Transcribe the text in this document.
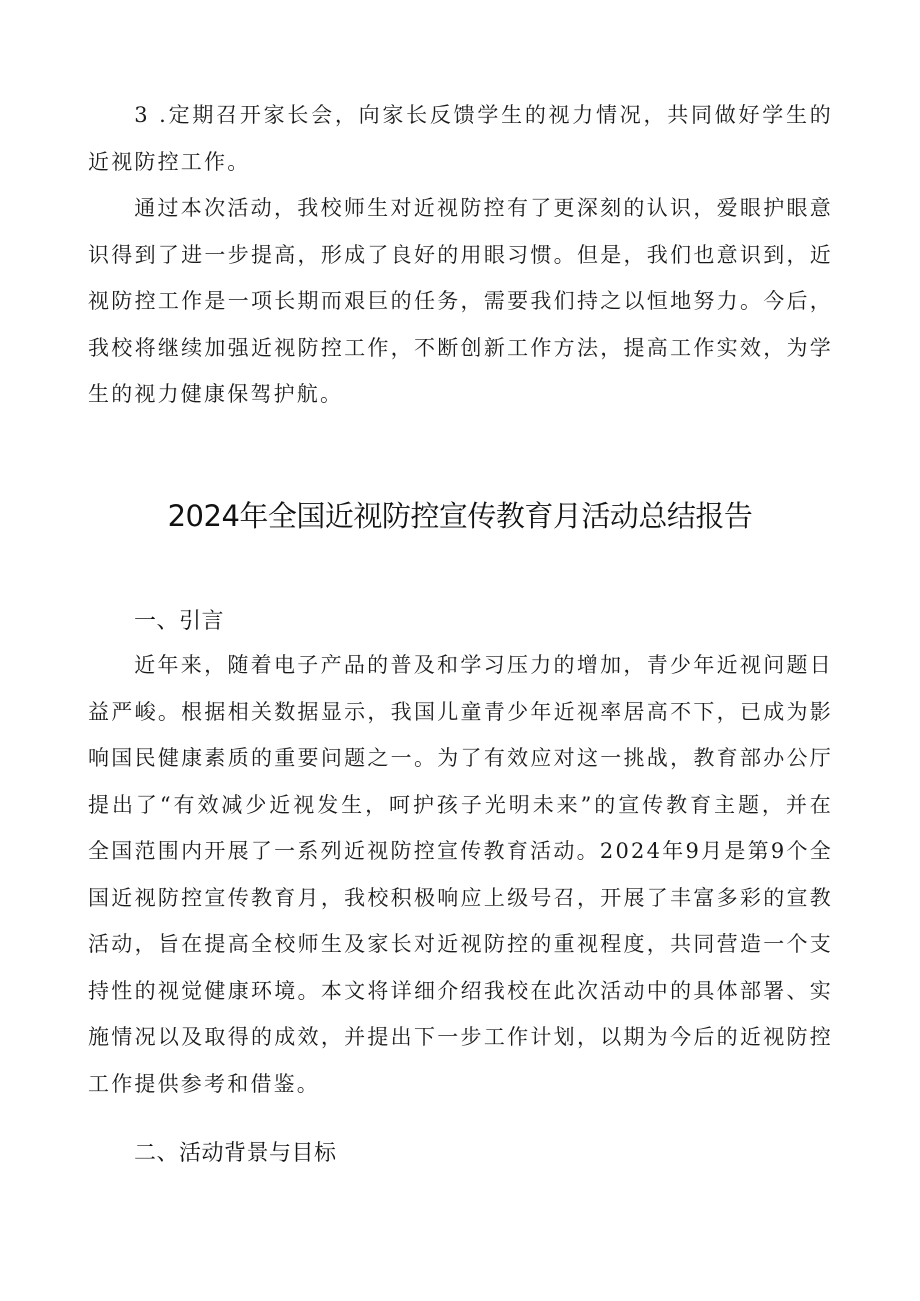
3 .定期召开家长会，向家长反馈学生的视力情况，共同做好学生的近视防控工作。

通过本次活动，我校师生对近视防控有了更深刻的认识，爱眼护眼意识得到了进一步提高，形成了良好的用眼习惯。但是，我们也意识到，近视防控工作是一项长期而艰巨的任务，需要我们持之以恒地努力。今后，我校将继续加强近视防控工作，不断创新工作方法，提高工作实效，为学生的视力健康保驾护航。

2024年全国近视防控宣传教育月活动总结报告
一、引言

近年来，随着电子产品的普及和学习压力的增加，青少年近视问题日益严峻。根据相关数据显示，我国儿童青少年近视率居高不下，已成为影响国民健康素质的重要问题之一。为了有效应对这一挑战，教育部办公厅提出了“有效减少近视发生，呵护孩子光明未来”的宣传教育主题，并在全国范围内开展了一系列近视防控宣传教育活动。2024年9月是第9个全国近视防控宣传教育月，我校积极响应上级号召，开展了丰富多彩的宣教活动，旨在提高全校师生及家长对近视防控的重视程度，共同营造一个支持性的视觉健康环境。本文将详细介绍我校在此次活动中的具体部署、实施情况以及取得的成效，并提出下一步工作计划，以期为今后的近视防控工作提供参考和借鉴。

二、活动背景与目标
